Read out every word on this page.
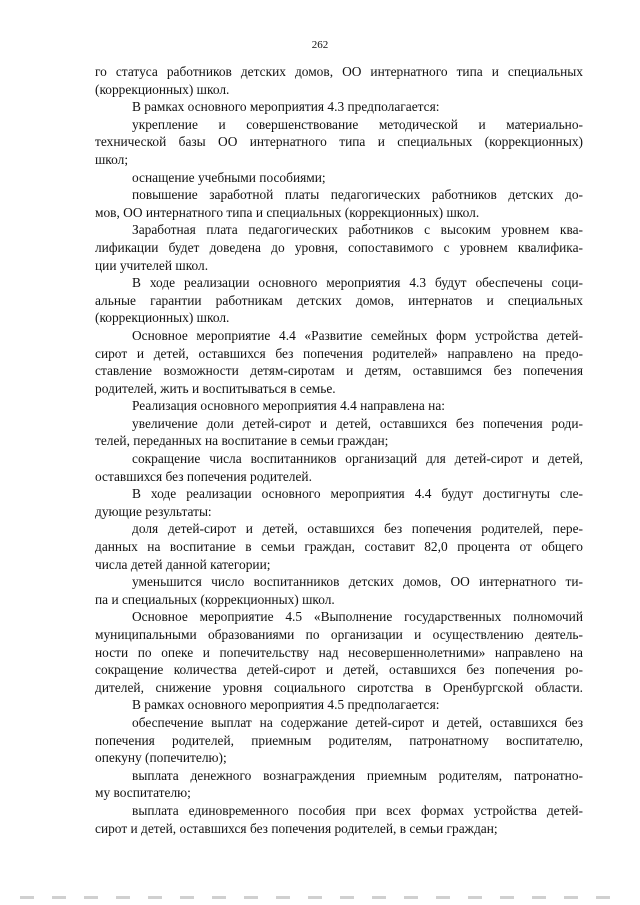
262
го статуса работников детских домов, ОО интернатного типа и специальных
(коррекционных) школ.
В рамках основного мероприятия 4.3 предполагается:
укрепление и совершенствование методической и материально-
технической базы ОО интернатного типа и специальных (коррекционных)
школ;
оснащение учебными пособиями;
повышение заработной платы педагогических работников детских до-
мов, ОО интернатного типа и специальных (коррекционных) школ.
Заработная плата педагогических работников с высоким уровнем ква-
лификации будет доведена до уровня, сопоставимого с уровнем квалифика-
ции учителей школ.
В ходе реализации основного мероприятия 4.3 будут обеспечены соци-
альные гарантии работникам детских домов, интернатов и специальных
(коррекционных) школ.
Основное мероприятие 4.4 «Развитие семейных форм устройства детей-
сирот и детей, оставшихся без попечения родителей» направлено на предо-
ставление возможности детям-сиротам и детям, оставшимся без попечения
родителей, жить и воспитываться в семье.
Реализация основного мероприятия 4.4 направлена на:
увеличение доли детей-сирот и детей, оставшихся без попечения роди-
телей, переданных на воспитание в семьи граждан;
сокращение числа воспитанников организаций для детей-сирот и детей,
оставшихся без попечения родителей.
В ходе реализации основного мероприятия 4.4 будут достигнуты сле-
дующие результаты:
доля детей-сирот и детей, оставшихся без попечения родителей, пере-
данных на воспитание в семьи граждан, составит 82,0 процента от общего
числа детей данной категории;
уменьшится число воспитанников детских домов, ОО интернатного ти-
па и специальных (коррекционных) школ.
Основное мероприятие 4.5 «Выполнение государственных полномочий
муниципальными образованиями по организации и осуществлению деятель-
ности по опеке и попечительству над несовершеннолетними» направлено на
сокращение количества детей-сирот и детей, оставшихся без попечения ро-
дителей, снижение уровня социального сиротства в Оренбургской области.
В рамках основного мероприятия 4.5 предполагается:
обеспечение выплат на содержание детей-сирот и детей, оставшихся без
попечения родителей, приемным родителям, патронатному воспитателю,
опекуну (попечителю);
выплата денежного вознаграждения приемным родителям, патронатно-
му воспитателю;
выплата единовременного пособия при всех формах устройства детей-
сирот и детей, оставшихся без попечения родителей, в семьи граждан;
